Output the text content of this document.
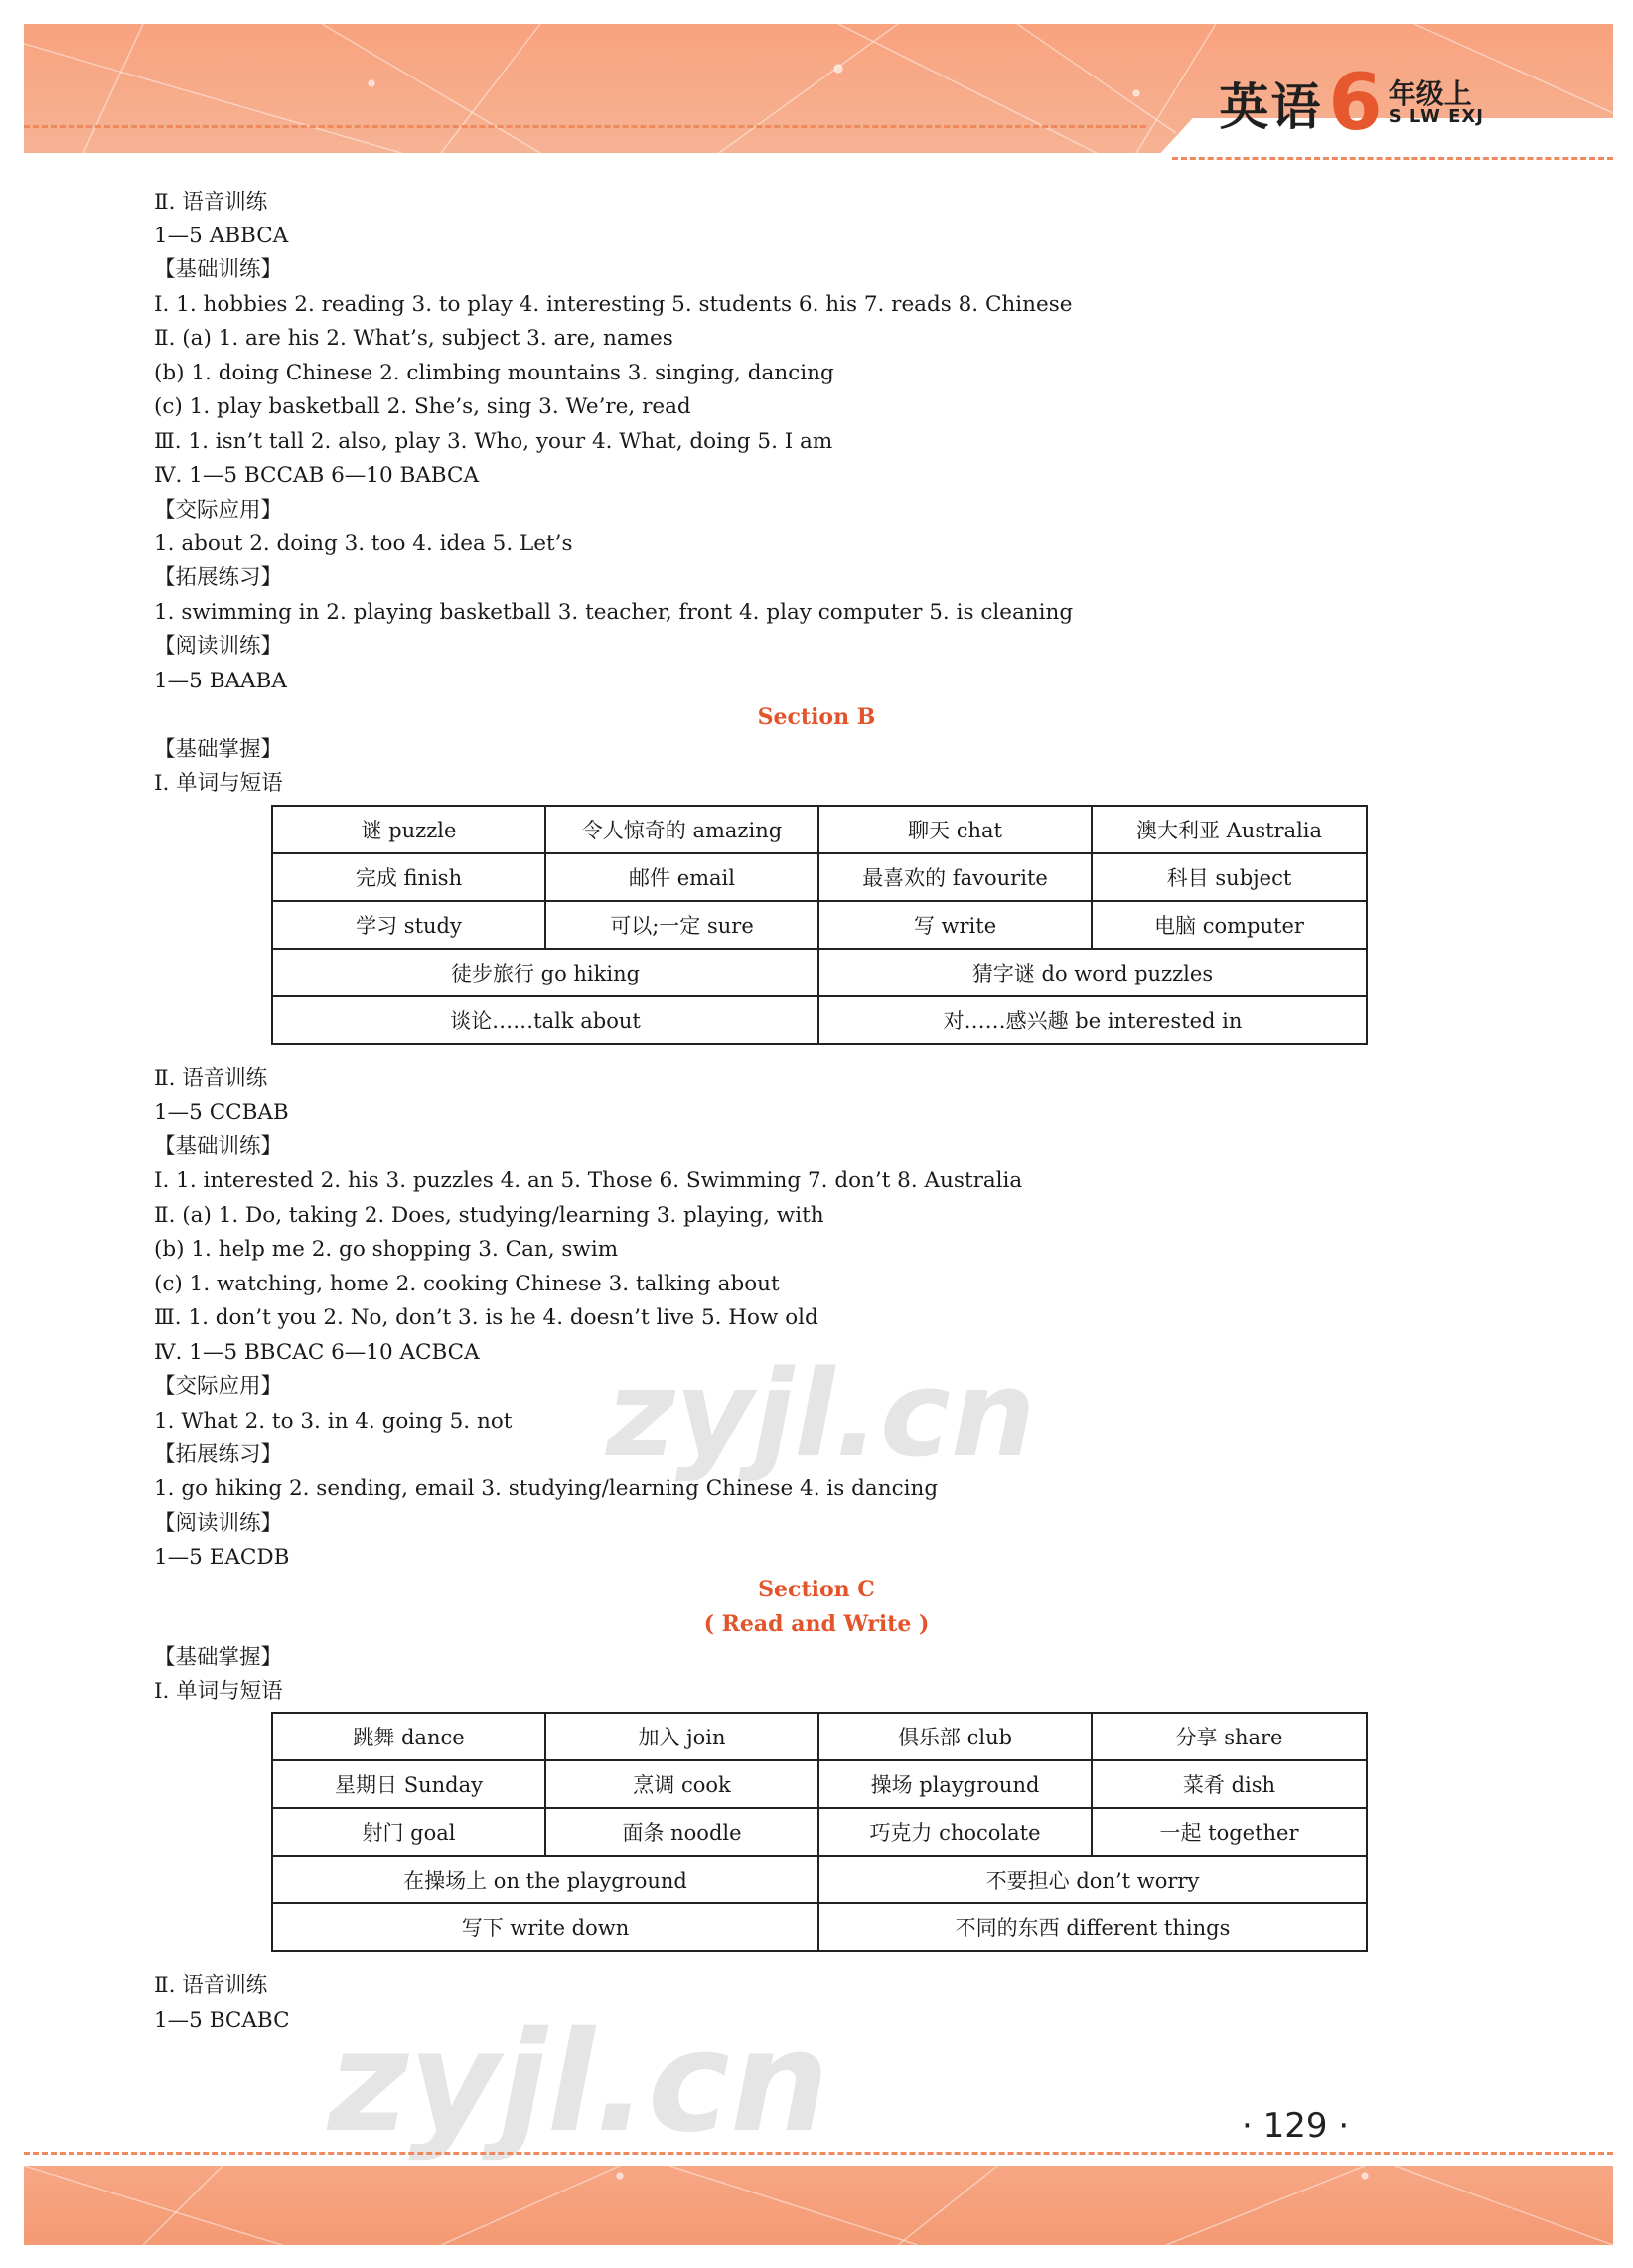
英语 6 年级上
S LW EXJ
Ⅱ. 语音训练
1—5 ABBCA
【基础训练】
Ⅰ. 1. hobbies 2. reading 3. to play 4. interesting 5. students 6. his 7. reads 8. Chinese
Ⅱ. (a) 1. are his 2. What’s, subject 3. are, names
(b) 1. doing Chinese 2. climbing mountains 3. singing, dancing
(c) 1. play basketball 2. She’s, sing 3. We’re, read
Ⅲ. 1. isn’t tall 2. also, play 3. Who, your 4. What, doing 5. I am
Ⅳ. 1—5 BCCAB 6—10 BABCA
【交际应用】
1. about 2. doing 3. too 4. idea 5. Let’s
【拓展练习】
1. swimming in 2. playing basketball 3. teacher, front 4. play computer 5. is cleaning
【阅读训练】
1—5 BAABA
Section B
【基础掌握】
Ⅰ. 单词与短语
谜 puzzle	令人惊奇的 amazing	聊天 chat	澳大利亚 Australia
完成 finish	邮件 email	最喜欢的 favourite	科目 subject
学习 study	可以;一定 sure	写 write	电脑 computer
徒步旅行 go hiking		猜字谜 do word puzzles	
谈论……talk about		对……感兴趣 be interested in	
Ⅱ. 语音训练
1—5 CCBAB
【基础训练】
Ⅰ. 1. interested 2. his 3. puzzles 4. an 5. Those 6. Swimming 7. don’t 8. Australia
Ⅱ. (a) 1. Do, taking 2. Does, studying/learning 3. playing, with
(b) 1. help me 2. go shopping 3. Can, swim
(c) 1. watching, home 2. cooking Chinese 3. talking about
Ⅲ. 1. don’t you 2. No, don’t 3. is he 4. doesn’t live 5. How old
Ⅳ. 1—5 BBCAC 6—10 ACBCA
【交际应用】
1. What 2. to 3. in 4. going 5. not
【拓展练习】
1. go hiking 2. sending, email 3. studying/learning Chinese 4. is dancing
【阅读训练】
1—5 EACDB
Section C
( Read and Write )
【基础掌握】
Ⅰ. 单词与短语
跳舞 dance	加入 join	俱乐部 club	分享 share
星期日 Sunday	烹调 cook	操场 playground	菜肴 dish
射门 goal	面条 noodle	巧克力 chocolate	一起 together
在操场上 on the playground		不要担心 don’t worry	
写下 write down		不同的东西 different things	
Ⅱ. 语音训练
1—5 BCABC
zyjl.cn
zyjl.cn	· 129 ·
